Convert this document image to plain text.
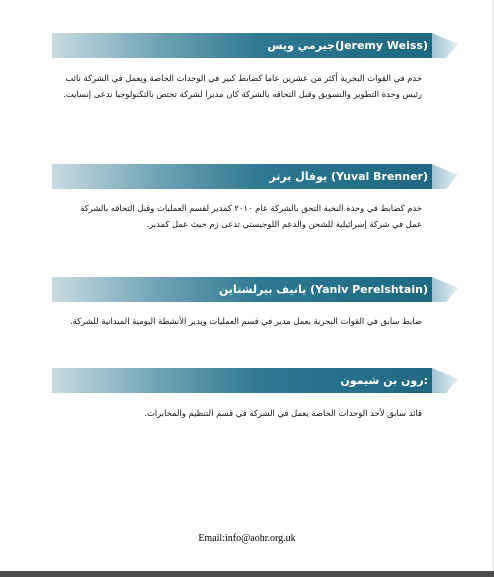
جيرمي ويس(Jeremy Weiss)
خدم في القوات البحرية أكثر من عشرين عاما كضابط كبير في الوحدات الخاصة ويعمل في الشركة نائب رئيس وحدة التطوير والتسويق وقبل التحاقه بالشركة كان مديرا لشركة تختص بالتكنولوجيا تدعى إنسايت.
يوفال برنر (Yuval Brenner)
خدم كضابط في وحدة النخبة التحق بالشركة عام ٢٠١٠ كمدير لقسم العمليات وقبل التحاقه بالشركة عمل في شركة إسرائيلية للشحن والدعم اللوجيستي تدعى زم حيث عمل كمدير.
يانيف بيرلشتاين (Yaniv Perelshtain)
ضابط سابق في القوات البحرية يعمل مدير في قسم العمليات ويدير الأنشطة اليومية الميدانية للشركة.
رون بن شيمون:
قائد سابق لأحد الوحدات الخاصة يعمل في الشركة في قسم التنظيم والمخابرات.
Email:info@aohr.org.uk
